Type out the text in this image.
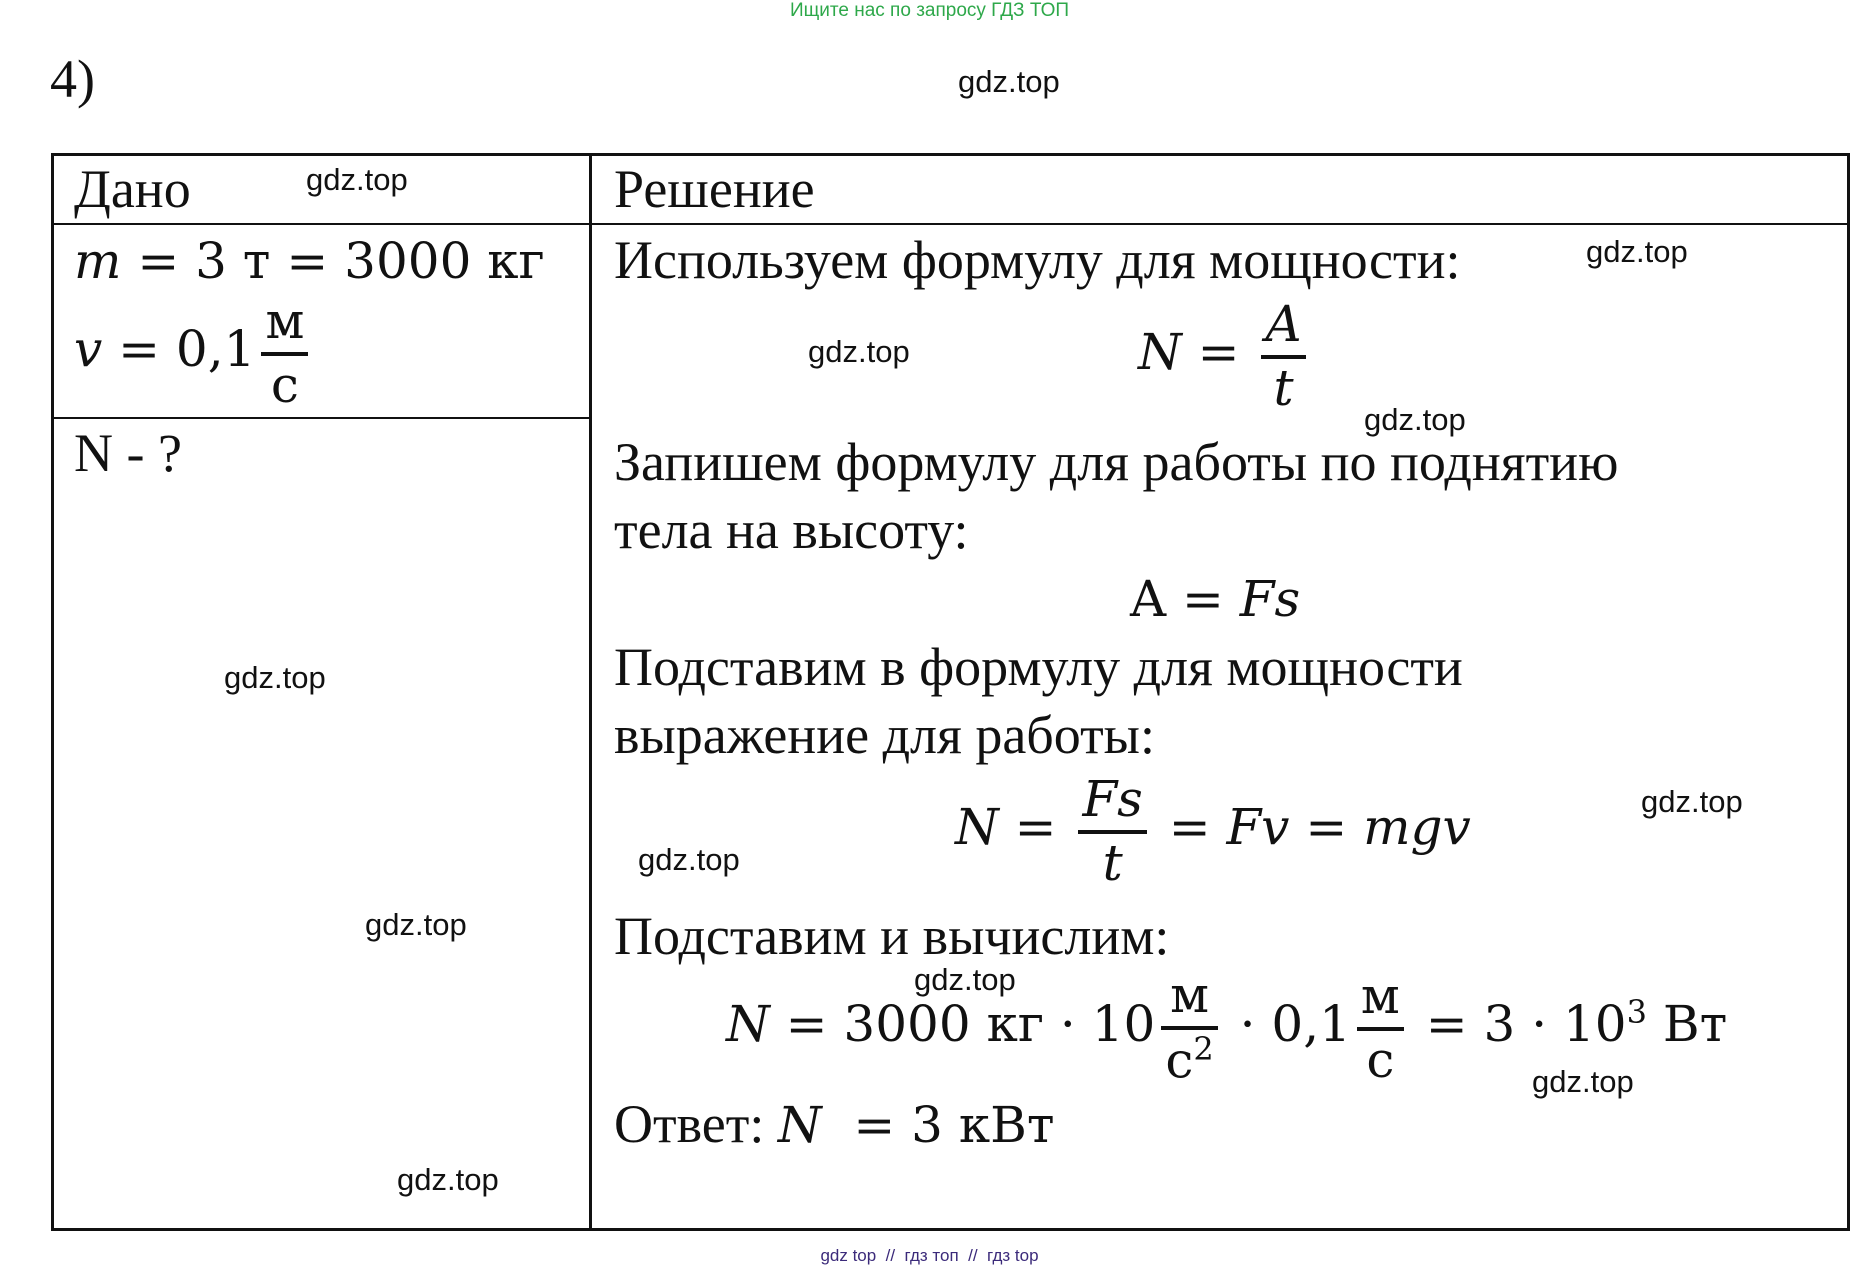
Ищите нас по запросу ГДЗ ТОП
4)	gdz.top
Дано	gdz.top	Решение
m = 3 т = 3000 кг
$v = 0,1 \frac{м}{с}$
N - ?
gdz.top
gdz.top
gdz.top
Используем формулу для мощности:	gdz.top
gdz.top	$N = \frac{A}{t}$
gdz.top
Запишем формулу для работы по поднятию
тела на высоту:
A = Fs
Подставим в формулу для мощности
выражение для работы:
gdz.top
gdz.top
$N = \frac{Fs}{t} = Fv$ = mgv
Подставим и вычислим:
gdz.top
N = 3000 кг · $10 \frac{м}{с^2} \cdot 0,1 \frac{м}{с} = 3 \cdot 10^3$ Вт
gdz.top
Ответ: N  = 3 кВт
gdz top  //  гдз топ  //  гдз top
